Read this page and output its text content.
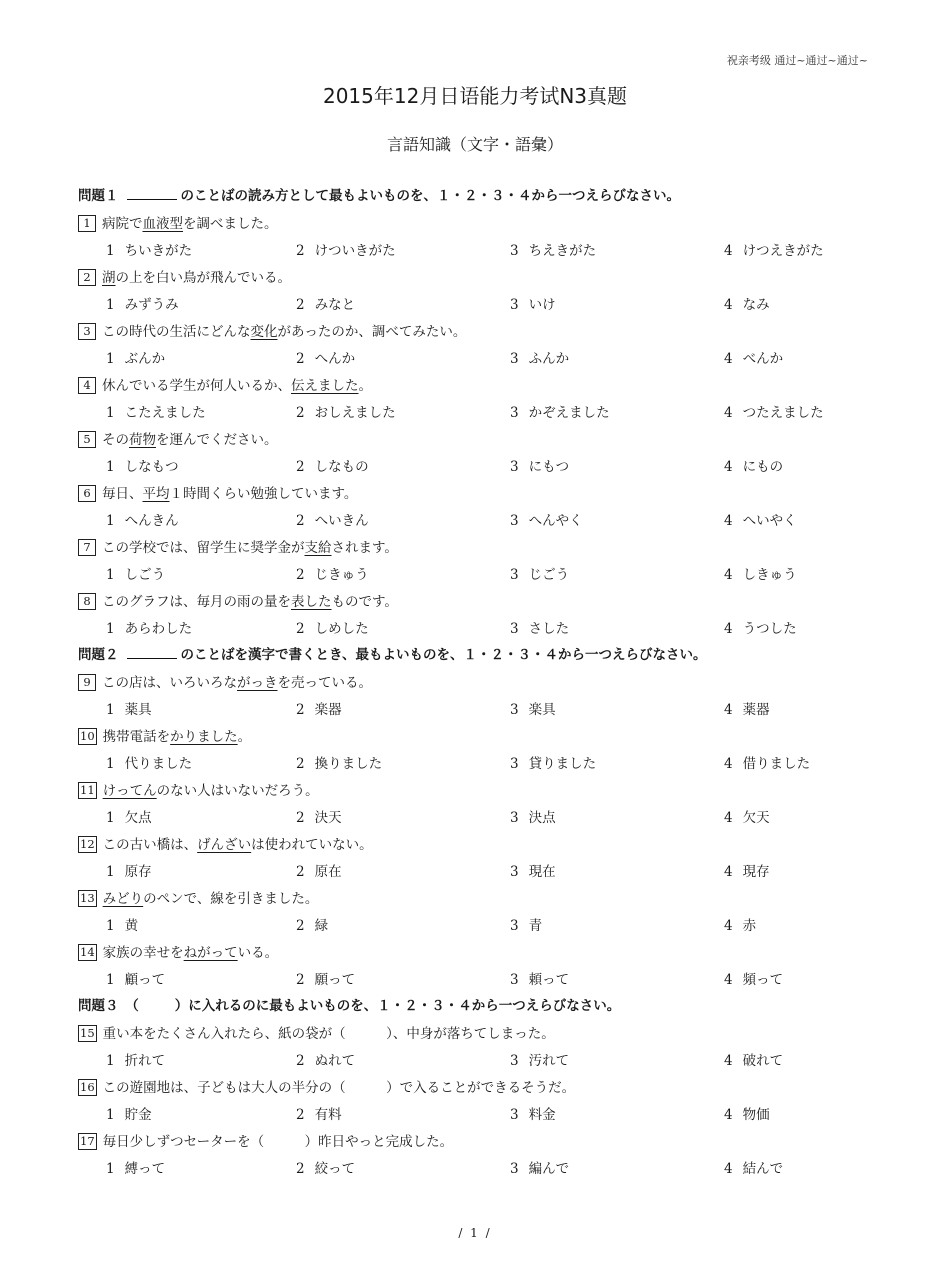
祝亲考级 通过~通过~通过~
2015年12月日语能力考试N3真题
言語知識（文字・語彙）
問題１	のことばの読み方として最もよいものを、１・２・３・４から一つえらびなさい。
1 病院で血液型を調べました。
1 ちいきがた	2 けついきがた	3 ちえきがた	4 けつえきがた
2 湖の上を白い鳥が飛んでいる。
1 みずうみ	2 みなと	3 いけ	4 なみ
3 この時代の生活にどんな変化があったのか、調べてみたい。
1 ぶんか	2 へんか	3 ふんか	4 べんか
4 休んでいる学生が何人いるか、伝えました。
1 こたえました	2 おしえました	3 かぞえました	4 つたえました
5 その荷物を運んでください。
1 しなもつ	2 しなもの	3 にもつ	4 にもの
6 毎日、平均１時間くらい勉強しています。
1 へんきん	2 へいきん	3 へんやく	4 へいやく
7 この学校では、留学生に奨学金が支給されます。
1 しごう	2 じきゅう	3 じごう	4 しきゅう
8 このグラフは、毎月の雨の量を表したものです。
1 あらわした	2 しめした	3 さした	4 うつした
問題２	のことばを漢字で書くとき、最もよいものを、１・２・３・４から一つえらびなさい。
9 この店は、いろいろながっきを売っている。
1 薬具	2 楽器	3 楽具	4 薬器
10 携帯電話をかりました。
1 代りました	2 換りました	3 貸りました	4 借りました
11 けってんのない人はいないだろう。
1 欠点	2 決天	3 決点	4 欠天
12 この古い橋は、げんざいは使われていない。
1 原存	2 原在	3 現在	4 現存
13 みどりのペンで、線を引きました。
1 黄	2 緑	3 青	4 赤
14 家族の幸せをねがっている。
1 顧って	2 願って	3 頼って	4 頻って
問題３　（	）に入れるのに最もよいものを、１・２・３・４から一つえらびなさい。
15 重い本をたくさん入れたら、紙の袋が（　　　）、中身が落ちてしまった。
1 折れて	2 ぬれて	3 汚れて	4 破れて
16 この遊園地は、子どもは大人の半分の（　　　）で入ることができるそうだ。
1 貯金	2 有料	3 料金	4 物価
17 毎日少しずつセーターを（　　　）昨日やっと完成した。
1 縛って	2 絞って	3 編んで	4 結んで
/ 1 /
